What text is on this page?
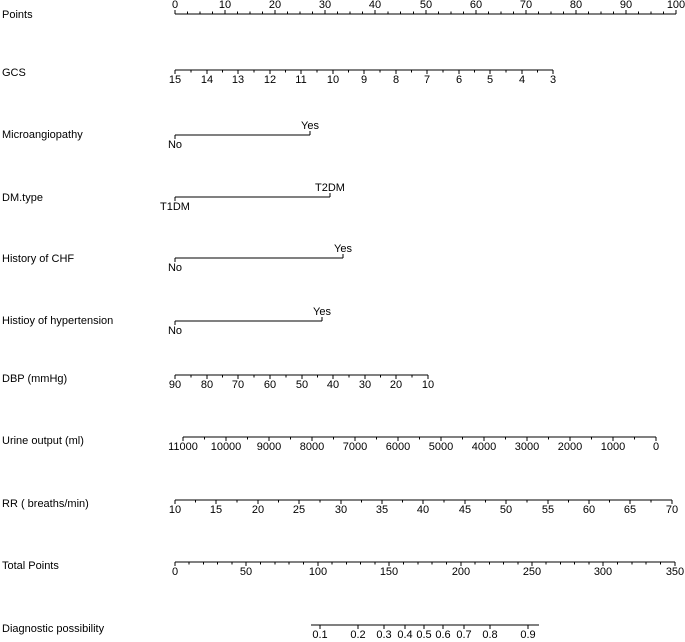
Points
0	10	20	30	40	50	60	70	80	90	100
GCS
15 14 13 12 11 10 9 8 7 6 5 4 3
Microangiopathy
No
Yes
DM.type
T1DM
T2DM
History of CHF
No
Yes
Histioy of hypertension
No
Yes
DBP (mmHg)	90 80 70 60 50 40 30 20 10
Urine output (ml)	11000 10000 9000 8000 7000 6000 5000 4000 3000 2000 1000	0
RR ( breaths/min)	10	15	20	25	30	35	40	45	50	55	60	65	70
Total Points	0	50	100	150	200	250	300	350
Diagnostic possibility	0.1 0.2 0.3 0.4 0.5 0.6 0.7 0.8 0.9
